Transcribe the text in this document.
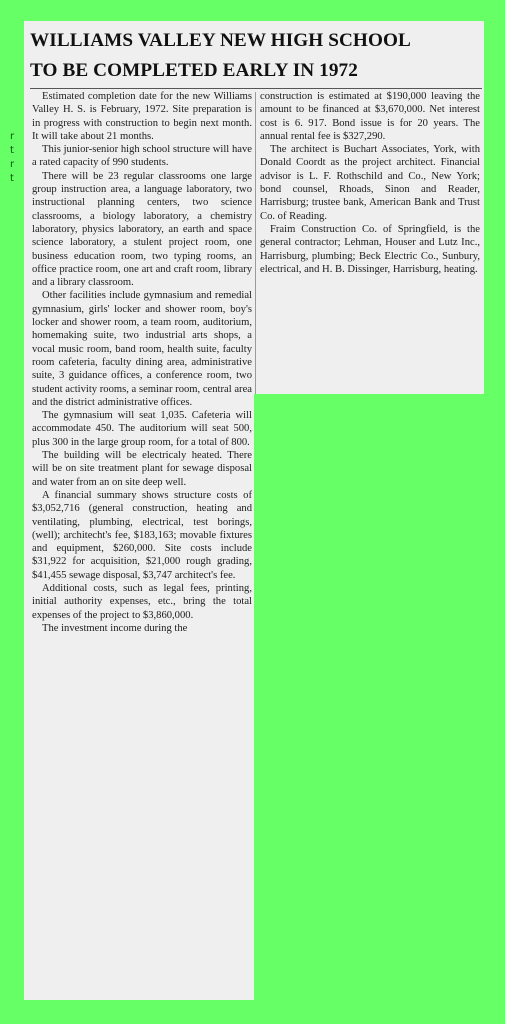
r
t
r
t
WILLIAMS VALLEY NEW HIGH SCHOOL
TO BE COMPLETED EARLY IN 1972

Estimated completion date for the new Williams Valley H. S. is February, 1972. Site preparation is in progress with construction to begin next month. It will take about 21 months.

This junior-senior high school structure will have a rated capacity of 990 students.

There will be 23 regular classrooms one large group instruction area, a language laboratory, two instructional planning centers, two science classrooms, a biology laboratory, a chemistry laboratory, physics laboratory, an earth and space science laboratory, a stulent project room, one business education room, two typing rooms, an office practice room, one art and craft room, library and a library classroom.

Other facilities include gymnasium and remedial gymnasium, girls' locker and shower room, boy's locker and shower room, a team room, auditorium, homemaking suite, two industrial arts shops, a vocal music room, band room, health suite, faculty room cafeteria, faculty dining area, administrative suite, 3 guidance offices, a conference room, two student activity rooms, a seminar room, central area and the district administrative offices.

The gymnasium will seat 1,035. Cafeteria will accommodate 450. The auditorium will seat 500, plus 300 in the large group room, for a total of 800.

The building will be electricaly heated. There will be on site treatment plant for sewage disposal and water from an on site deep well.

A financial summary shows structure costs of $3,052,716 (general construction, heating and ventilating, plumbing, electrical, test borings, (well); architecht's fee, $183,163; movable fixtures and equipment, $260,000. Site costs include $31,922 for acquisition, $21,000 rough grading, $41,455 sewage disposal, $3,747 architect's fee.

Additional costs, such as legal fees, printing, initial authority expenses, etc., bring the total expenses of the project to $3,860,000.

The investment income during the

construction is estimated at $190,000 leaving the amount to be financed at $3,670,000. Net interest cost is 6. 917. Bond issue is for 20 years. The annual rental fee is $327,290.

The architect is Buchart Associates, York, with Donald Coordt as the project architect. Financial advisor is L. F. Rothschild and Co., New York; bond counsel, Rhoads, Sinon and Reader, Harrisburg; trustee bank, American Bank and Trust Co. of Reading.

Fraim Construction Co. of Springfield, is the general contractor; Lehman, Houser and Lutz Inc., Harrisburg, plumbing; Beck Electric Co., Sunbury, electrical, and H. B. Dissinger, Harrisburg, heating.
